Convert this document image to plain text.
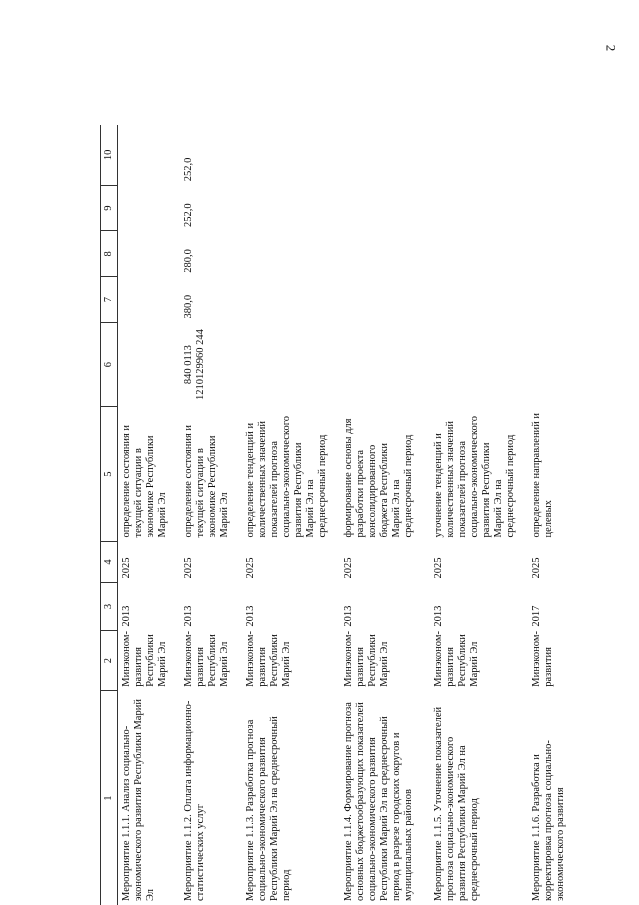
2
1	2	3	4	5	6	7	8	9	10
Мероприятие 1.1.1. Анализ социально-экономического развития Республики Марий Эл	Минэконом-развития Республики Марий Эл	2013	2025	определение состояния и текущей ситуации в экономике Республики Марий Эл					
Мероприятие 1.1.2. Оплата информационно-статистических услуг	Минэконом-развития Республики Марий Эл	2013	2025	определение состояния и текущей ситуации в экономике Республики Марий Эл	840 0113 1210129960 244	380,0	280,0	252,0	252,0
Мероприятие 1.1.3. Разработка прогноза социально-экономического развития Республики Марий Эл на среднесрочный период	Минэконом-развития Республики Марий Эл	2013	2025	определение тенденций и количественных значений показателей прогноза социально-экономического развития Республики Марий Эл на среднесрочный период					
Мероприятие 1.1.4. Формирование прогноза основных бюджетообразующих показателей социально-экономического развития Республики Марий Эл на среднесрочный период в разрезе городских округов и муниципальных районов	Минэконом-развития Республики Марий Эл	2013	2025	формирование основы для разработки проекта консолидированного бюджета Республики Марий Эл на среднесрочный период					
Мероприятие 1.1.5. Уточнение показателей прогноза социально-экономического развития Республики Марий Эл на среднесрочный период	Минэконом-развития Республики Марий Эл	2013	2025	уточнение тенденций и количественных значений показателей прогноза социально-экономического развития Республики Марий Эл на среднесрочный период					
Мероприятие 1.1.6. Разработка и корректировка прогноза социально-экономического развития	Минэконом-развития	2017	2025	определение направлений и целевых					
